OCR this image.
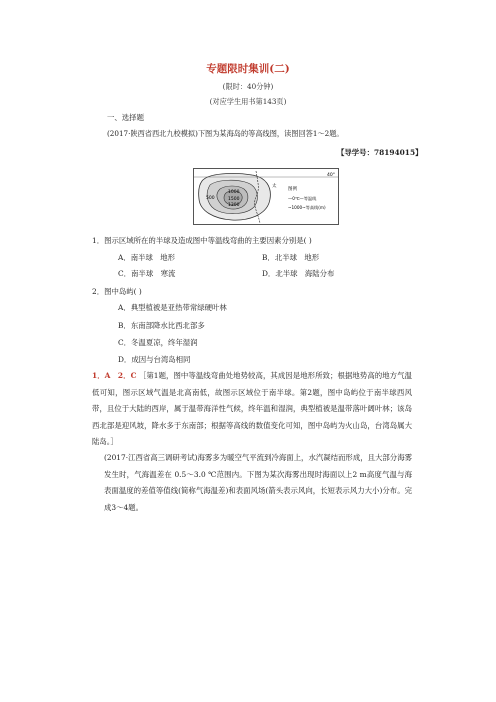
专题限时集训(二)
(限时：40分钟)
(对应学生用书第143页)
一、选择题
(2017·陕西省西北九校模拟)下图为某海岛的等高线图，读图回答1～2题。
【导学号：78194015】
500
1000
1500
1300
40°
太
图例
—0℃—等温线
~1000~等高线(m)
1．图示区域所在的半球及造成图中等温线弯曲的主要因素分别是( )
A．南半球　地形	B．北半球　地形
C．南半球　寒流	D．北半球　海陆分布
2．图中岛屿( )
A．典型植被是亚热带常绿硬叶林
B．东南部降水比西北部多
C．冬温夏凉，终年湿润
D．成因与台湾岛相同
1．A　2．C ［第1题，图中等温线弯曲处地势较高，其成因是地形所致；根据地势高的地方气温低可知，图示区域气温是北高南低，故图示区域位于南半球。第2题，图中岛屿位于南半球西风带，且位于大陆的西岸，属于温带海洋性气候，终年温和湿润，典型植被是温带落叶阔叶林；该岛西北部是迎风坡，降水多于东南部；根据等高线的数值变化可知，图中岛屿为火山岛，台湾岛属大陆岛。］
(2017·江西省高三调研考试)海雾多为暖空气平流到冷海面上，水汽凝结而形成，且大部分海雾发生时，气海温差在 0.5～3.0 ℃范围内。下图为某次海雾出现时海面以上2 m高度气温与海表面温度的差值等值线(简称气海温差)和表面风场(箭头表示风向，长短表示风力大小)分布。完成3～4题。
